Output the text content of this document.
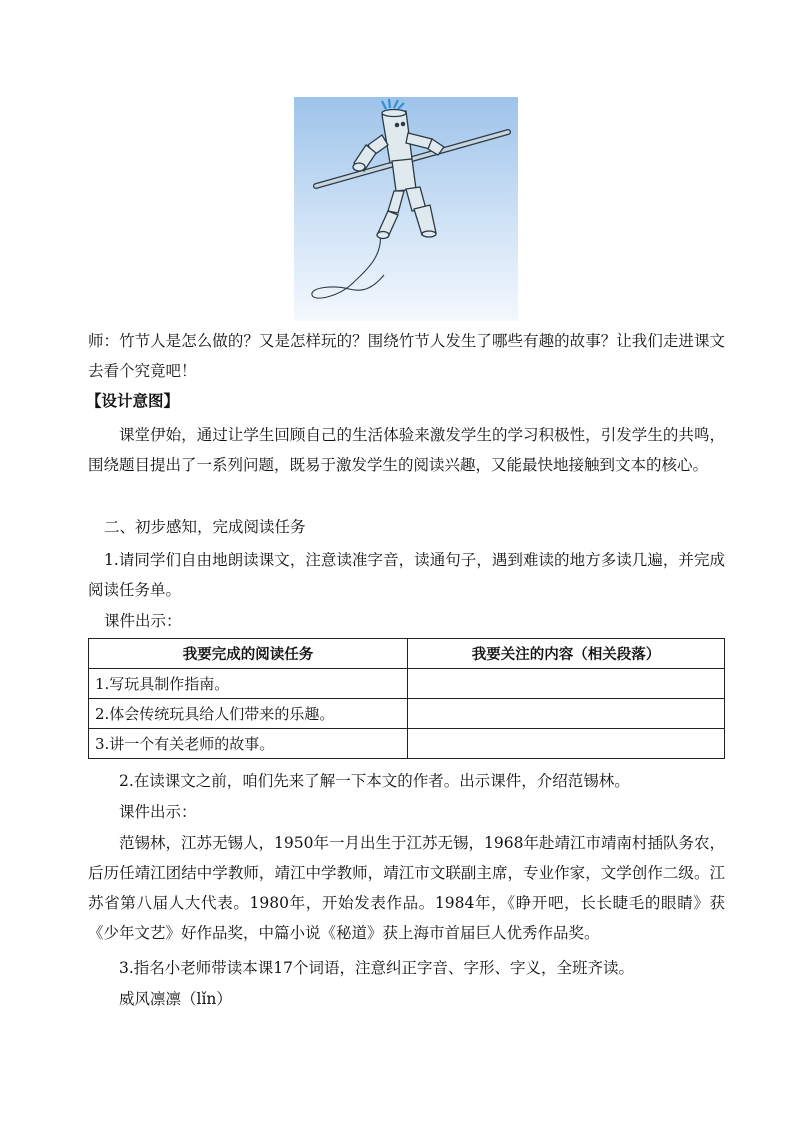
师：竹节人是怎么做的？又是怎样玩的？围绕竹节人发生了哪些有趣的故事？让我们走进课文去看个究竟吧！

【设计意图】

课堂伊始，通过让学生回顾自己的生活体验来激发学生的学习积极性，引发学生的共鸣，围绕题目提出了一系列问题，既易于激发学生的阅读兴趣，又能最快地接触到文本的核心。

二、初步感知，完成阅读任务

1.请同学们自由地朗读课文，注意读准字音，读通句子，遇到难读的地方多读几遍，并完成阅读任务单。

课件出示：

我要完成的阅读任务	我要关注的内容（相关段落）
1.写玩具制作指南。	
2.体会传统玩具给人们带来的乐趣。	
3.讲一个有关老师的故事。	

2.在读课文之前，咱们先来了解一下本文的作者。出示课件，介绍范锡林。

课件出示：

范锡林，江苏无锡人，1950年一月出生于江苏无锡，1968年赴靖江市靖南村插队务农，后历任靖江团结中学教师，靖江中学教师，靖江市文联副主席，专业作家，文学创作二级。江苏省第八届人大代表。1980年，开始发表作品。1984年，《睁开吧，长长睫毛的眼睛》获《少年文艺》好作品奖，中篇小说《秘道》获上海市首届巨人优秀作品奖。

3.指名小老师带读本课17个词语，注意纠正字音、字形、字义，全班齐读。

威风凛凛（lǐn）
